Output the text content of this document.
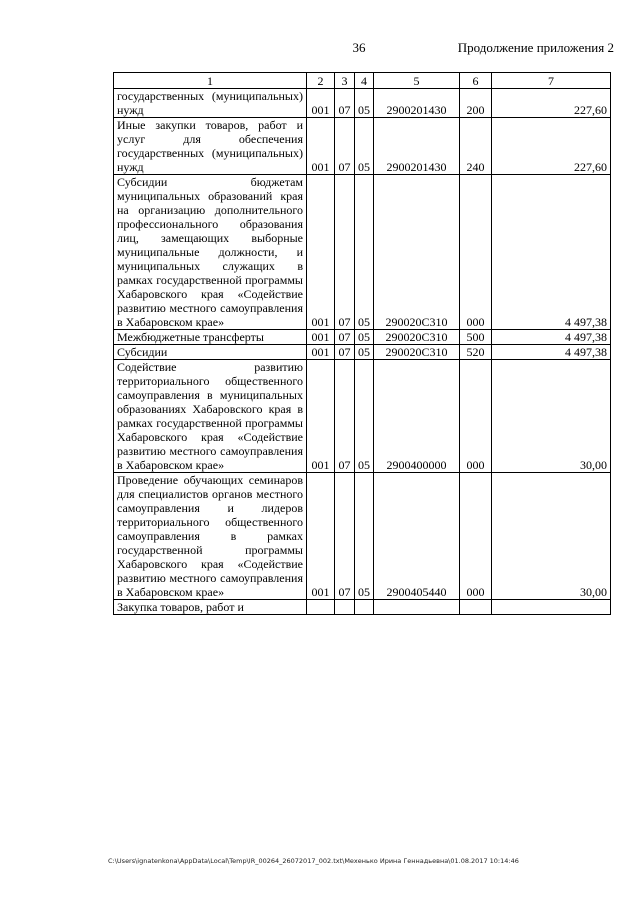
36	Продолжение приложения 2
1	2	3	4	5	6	7
государственных (муниципальных) нужд	001	07	05	2900201430	200	227,60
Иные закупки товаров, работ и услуг для обеспечения государственных (муниципальных) нужд	001	07	05	2900201430	240	227,60
Субсидии бюджетам муниципальных образований края на организацию дополнительного профессионального образования лиц, замещающих выборные муниципальные должности, и муниципальных служащих в рамках государственной программы Хабаровского края «Содействие развитию местного самоуправления в Хабаровском крае»	001	07	05	290020С310	000	4 497,38
Межбюджетные трансферты	001	07	05	290020С310	500	4 497,38
Субсидии	001	07	05	290020С310	520	4 497,38
Содействие развитию территориального общественного самоуправления в муниципальных образованиях Хабаровского края в рамках государственной программы Хабаровского края «Содействие развитию местного самоуправления в Хабаровском крае»	001	07	05	2900400000	000	30,00
Проведение обучающих семинаров для специалистов органов местного самоуправления и лидеров территориального общественного самоуправления в рамках государственной программы Хабаровского края «Содействие развитию местного самоуправления в Хабаровском крае»	001	07	05	2900405440	000	30,00
Закупка товаров, работ и						
C:\Users\ignatenkona\AppData\Local\Temp\IR_00264_26072017_002.txt\Мехенько Ирина Геннадьевна\01.08.2017 10:14:46
